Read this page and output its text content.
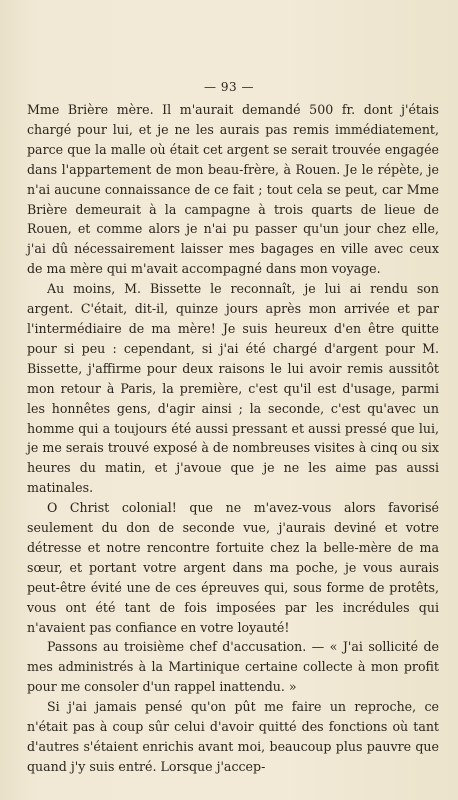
— 93 —

Mme Brière mère. Il m'aurait demandé 500 fr. dont j'étais chargé pour lui, et je ne les aurais pas remis immédiatement, parce que la malle où était cet argent se serait trouvée engagée dans l'appartement de mon beau-frère, à Rouen. Je le répète, je n'ai aucune connaissance de ce fait ; tout cela se peut, car Mme Brière demeurait à la campagne à trois quarts de lieue de Rouen, et comme alors je n'ai pu passer qu'un jour chez elle, j'ai dû nécessairement laisser mes bagages en ville avec ceux de ma mère qui m'avait accompagné dans mon voyage.

Au moins, M. Bissette le reconnaît, je lui ai rendu son argent. C'était, dit-il, quinze jours après mon arrivée et par l'intermédiaire de ma mère! Je suis heureux d'en être quitte pour si peu : cependant, si j'ai été chargé d'argent pour M. Bissette, j'affirme pour deux raisons le lui avoir remis aussitôt mon retour à Paris, la première, c'est qu'il est d'usage, parmi les honnêtes gens, d'agir ainsi ; la seconde, c'est qu'avec un homme qui a toujours été aussi pressant et aussi pressé que lui, je me serais trouvé exposé à de nombreuses visites à cinq ou six heures du matin, et j'avoue que je ne les aime pas aussi matinales.

O Christ colonial! que ne m'avez-vous alors favorisé seulement du don de seconde vue, j'aurais deviné et votre détresse et notre rencontre fortuite chez la belle-mère de ma sœur, et portant votre argent dans ma poche, je vous aurais peut-être évité une de ces épreuves qui, sous forme de protêts, vous ont été tant de fois imposées par les incrédules qui n'avaient pas confiance en votre loyauté!

Passons au troisième chef d'accusation. — « J'ai sollicité de mes administrés à la Martinique certaine collecte à mon profit pour me consoler d'un rappel inattendu. »

Si j'ai jamais pensé qu'on pût me faire un reproche, ce n'était pas à coup sûr celui d'avoir quitté des fonctions où tant d'autres s'étaient enrichis avant moi, beaucoup plus pauvre que quand j'y suis entré. Lorsque j'accep-
